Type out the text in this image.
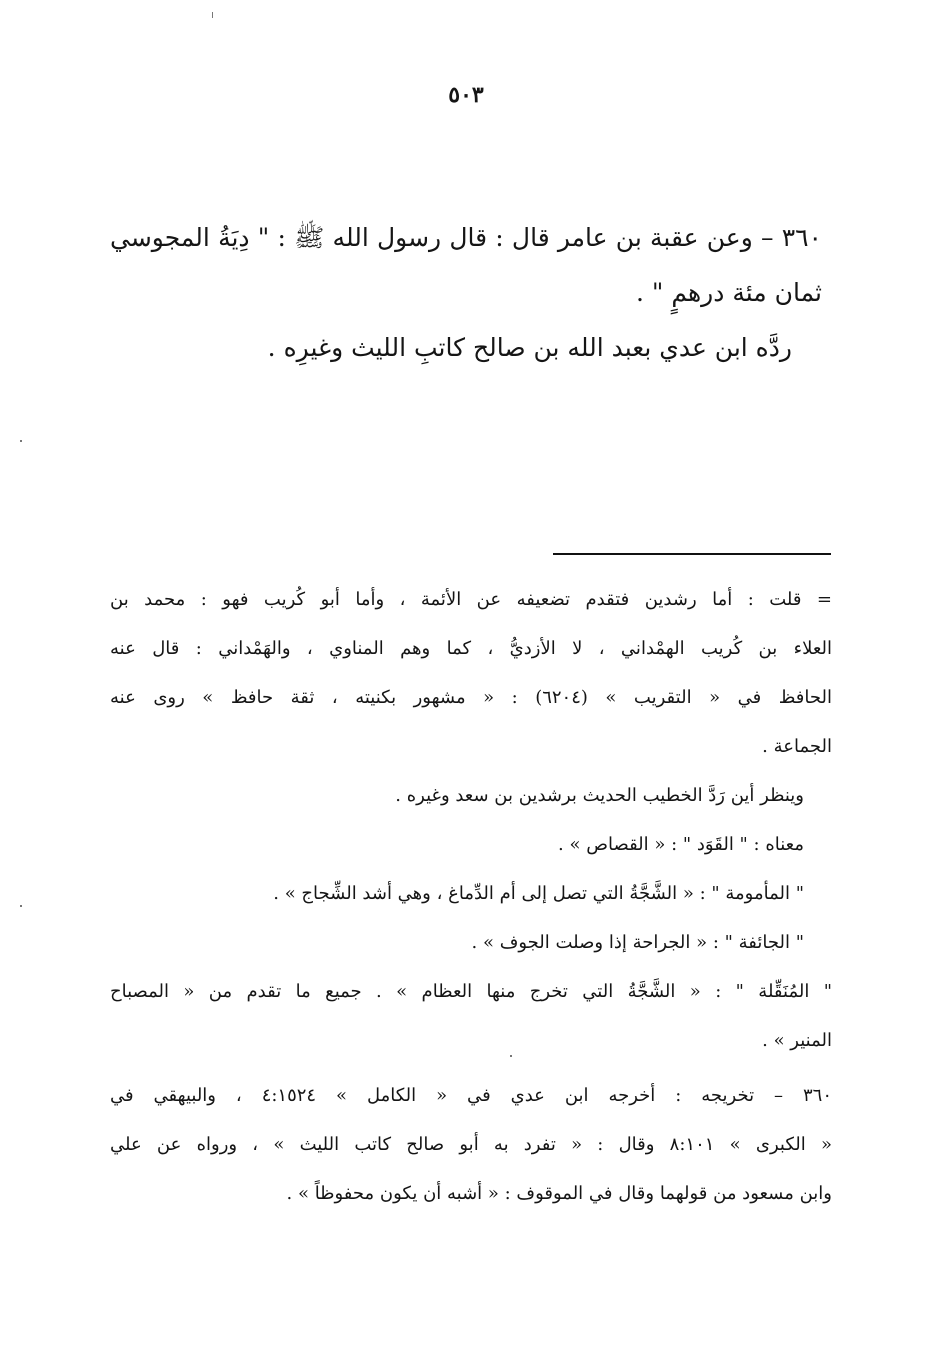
٥٠٣
٣٦٠ – وعن عقبة بن عامر قال : قال رسول الله ﷺ : " دِيَةُ المجوسي
ثمان مئة درهمٍ " .
ردَّه ابن عدي بعبد الله بن صالح كاتبِ الليث وغيرِه .
= قلت : أما رشدين فتقدم تضعيفه عن الأئمة ، وأما أبو كُريب فهو : محمد بن
العلاء بن كُريب الهمْداني ، لا الأزديُّ ، كما وهم المناوي ، والهَمْداني : قال عنه
الحافظ في « التقريب » (٦٢٠٤) : « مشهور بكنيته ، ثقة حافظ » روى عنه
الجماعة .
وينظر أين رَدَّ الخطيب الحديث برشدين بن سعد وغيره .
معناه : " القَوَد " : « القصاص » .
" المأمومة " : « الشَّجَّةُ التي تصل إلى أم الدِّماغ ، وهي أشد الشِّجاج » .
" الجائفة " : « الجراحة إذا وصلت الجوف » .
" المُنَقِّلة " : « الشَّجَّةُ التي تخرج منها العظام » . جميع ما تقدم من « المصباح
المنير » .
٣٦٠ – تخريجه : أخرجه ابن عدي في « الكامل » ٤:١٥٢٤ ، والبيهقي في
« الكبرى » ٨:١٠١ وقال : « تفرد به أبو صالح كاتب الليث » ، ورواه عن علي
وابن مسعود من قولهما وقال في الموقوف : « أشبه أن يكون محفوظاً » .
